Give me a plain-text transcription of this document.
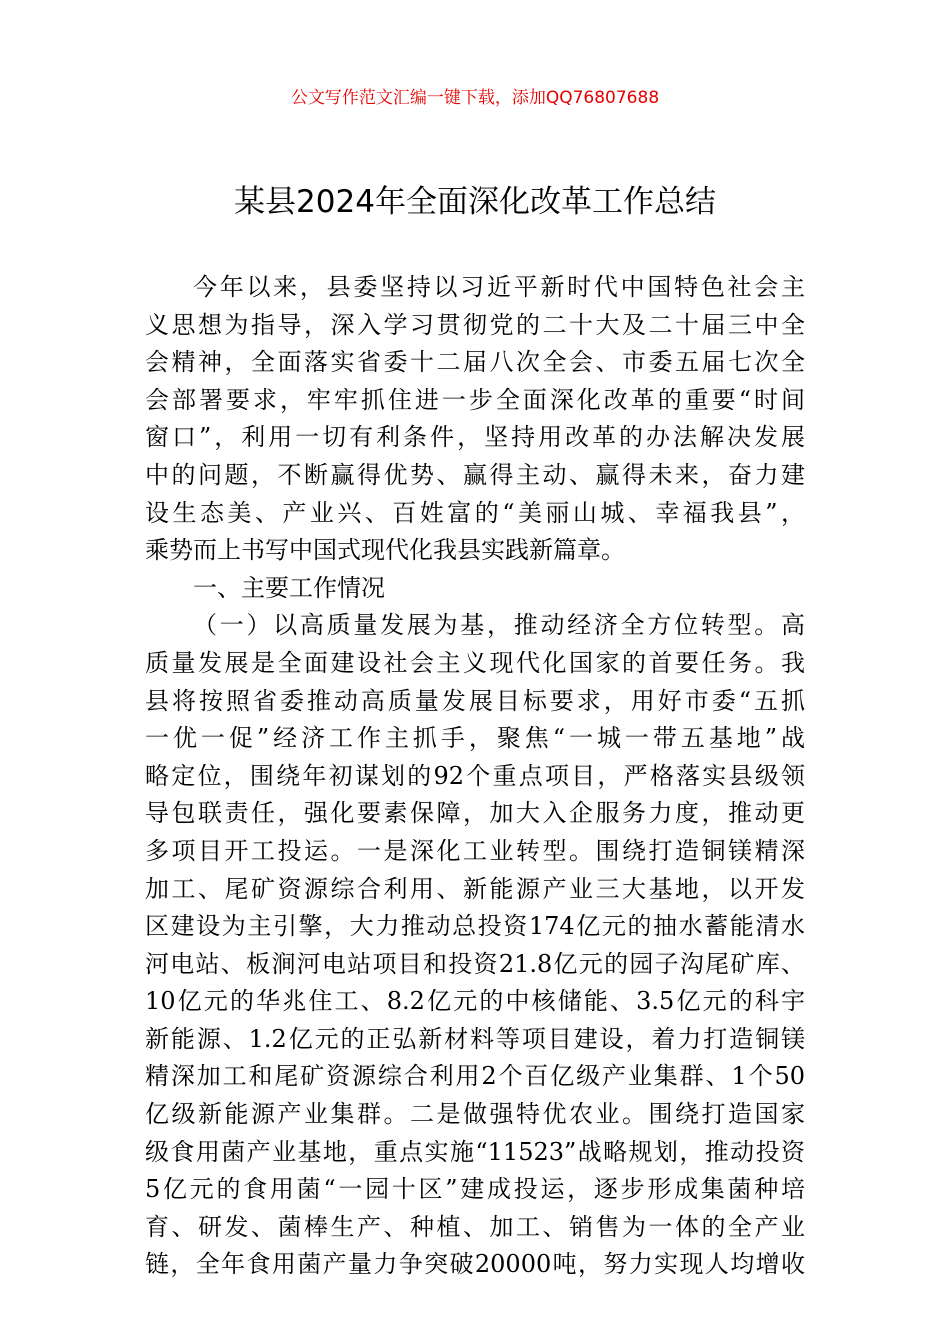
公文写作范文汇编一键下载，添加QQ76807688
某县2024年全面深化改革工作总结
今年以来，县委坚持以习近平新时代中国特色社会主
义思想为指导，深入学习贯彻党的二十大及二十届三中全
会精神，全面落实省委十二届八次全会、市委五届七次全
会部署要求，牢牢抓住进一步全面深化改革的重要“时间
窗口”，利用一切有利条件，坚持用改革的办法解决发展
中的问题，不断赢得优势、赢得主动、赢得未来，奋力建
设生态美、产业兴、百姓富的“美丽山城、幸福我县”，
乘势而上书写中国式现代化我县实践新篇章。
一、主要工作情况
（一）以高质量发展为基，推动经济全方位转型。高
质量发展是全面建设社会主义现代化国家的首要任务。我
县将按照省委推动高质量发展目标要求，用好市委“五抓
一优一促”经济工作主抓手，聚焦“一城一带五基地”战
略定位，围绕年初谋划的92个重点项目，严格落实县级领
导包联责任，强化要素保障，加大入企服务力度，推动更
多项目开工投运。一是深化工业转型。围绕打造铜镁精深
加工、尾矿资源综合利用、新能源产业三大基地，以开发
区建设为主引擎，大力推动总投资174亿元的抽水蓄能清水
河电站、板涧河电站项目和投资21.8亿元的园子沟尾矿库、
10亿元的华兆住工、8.2亿元的中核储能、3.5亿元的科宇
新能源、1.2亿元的正弘新材料等项目建设，着力打造铜镁
精深加工和尾矿资源综合利用2个百亿级产业集群、1个50
亿级新能源产业集群。二是做强特优农业。围绕打造国家
级食用菌产业基地，重点实施“11523”战略规划，推动投资
5亿元的食用菌“一园十区”建成投运，逐步形成集菌种培
育、研发、菌棒生产、种植、加工、销售为一体的全产业
链，全年食用菌产量力争突破20000吨，努力实现人均增收
